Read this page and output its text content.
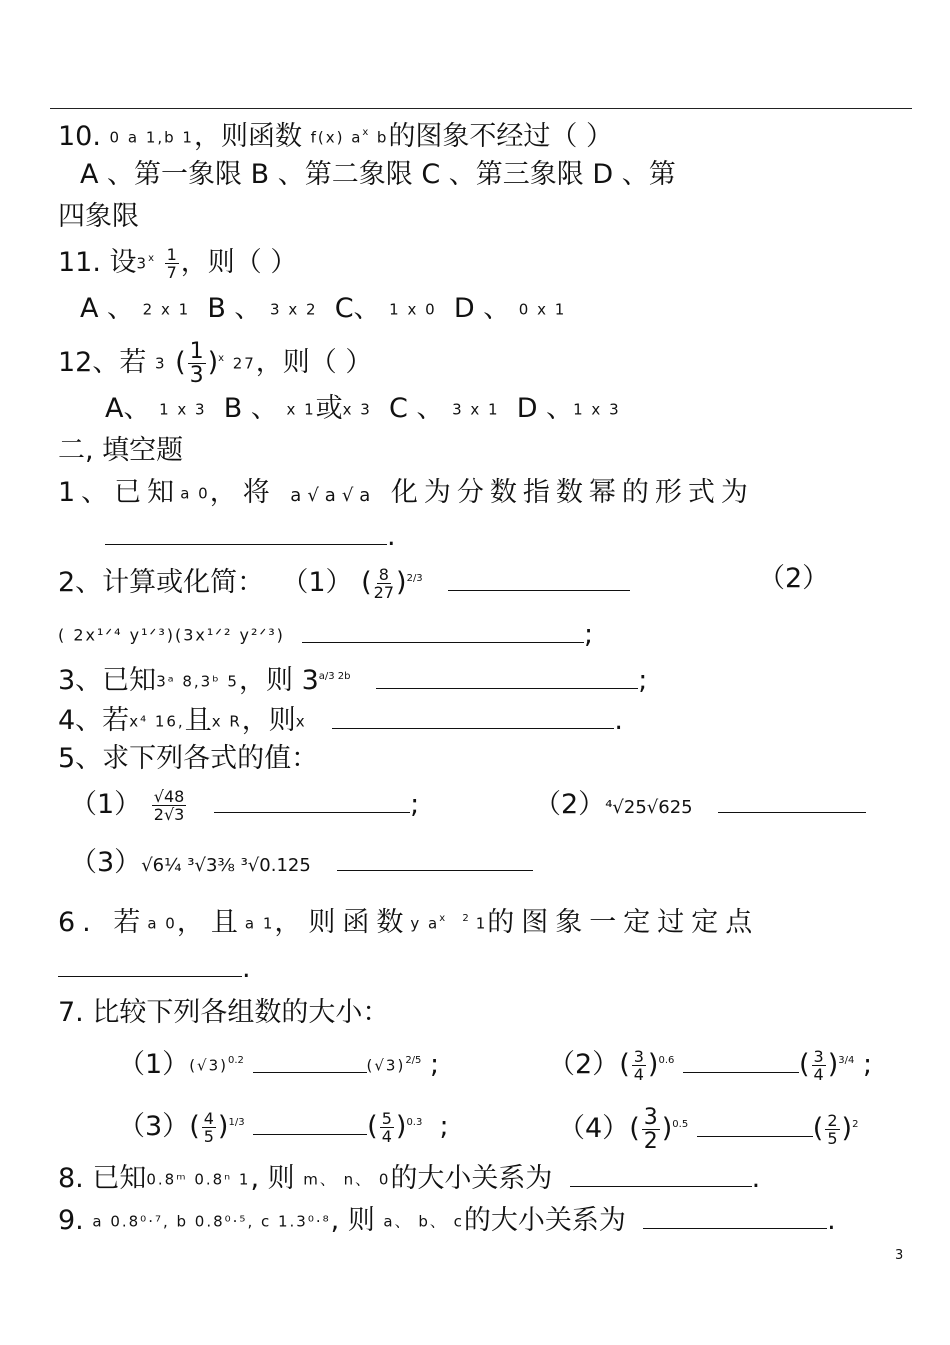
10. 0 a 1,b 1，则函数 f(x) $a^x$ b的图象不经过（ ）
A 、第一象限 B 、第二象限 C 、第三象限 D 、第
四象限
11. 设$3^x \frac{1}{7}$ ，则（ ）
A 、 2 x 1 B 、 3 x 2 C、 1 x 0 D 、 0 x 1
12、若 3 ( $\frac{1}{3} )^x$ 27，则（ ）
A、 1 x 3 B 、 x 1或x 3 C 、 3 x 1 D 、1 x 3
二, 填空题
1、已知a 0，将 a√a√a 化为分数指数幂的形式为
.
2、计算或化简： （1） ( $\frac{8}{27} )^{2/3}$	（2）
( 2x¹ᐟ⁴ y¹ᐟ³)(3x¹ᐟ² y²ᐟ³)	;
3、已知3ᵃ 8,3ᵇ 5，则 $3^{a/3 2b}$	;
4、若x⁴ 16,且x R，则x	.
5、求下列各式的值：
$(1) \frac{√48}{2√3}$	;	（2）⁴√25√625
（3）√6¼ ³√3⅜ ³√0.125
6. 若a 0，且a 1，则函数y $a^{x 2}1$的图象一定过定点
.
7. 比较下列各组数的大小：
$(1)(√3)^{0.2}$	$(√3)^{2/5}$ ;	$(2)( \frac{3}{4} )^{0.6}$	( $\frac{3}{4} )^{3/4}$ ;
$(3)( \frac{4}{5} )^{1/3}$	( $\frac{5}{4} )^{0.3}$ ;	$(4)( \frac{3}{2} )^{0.5}$	( $\frac{2}{5} )^2$
8. 已知0.8ᵐ 0.8ⁿ 1, 则 m、 n、 0的大小关系为	.
9. a 0.8⁰·⁷, b 0.8⁰·⁵, c 1.3⁰·⁸, 则 a、 b、 c的大小关系为	.
3
